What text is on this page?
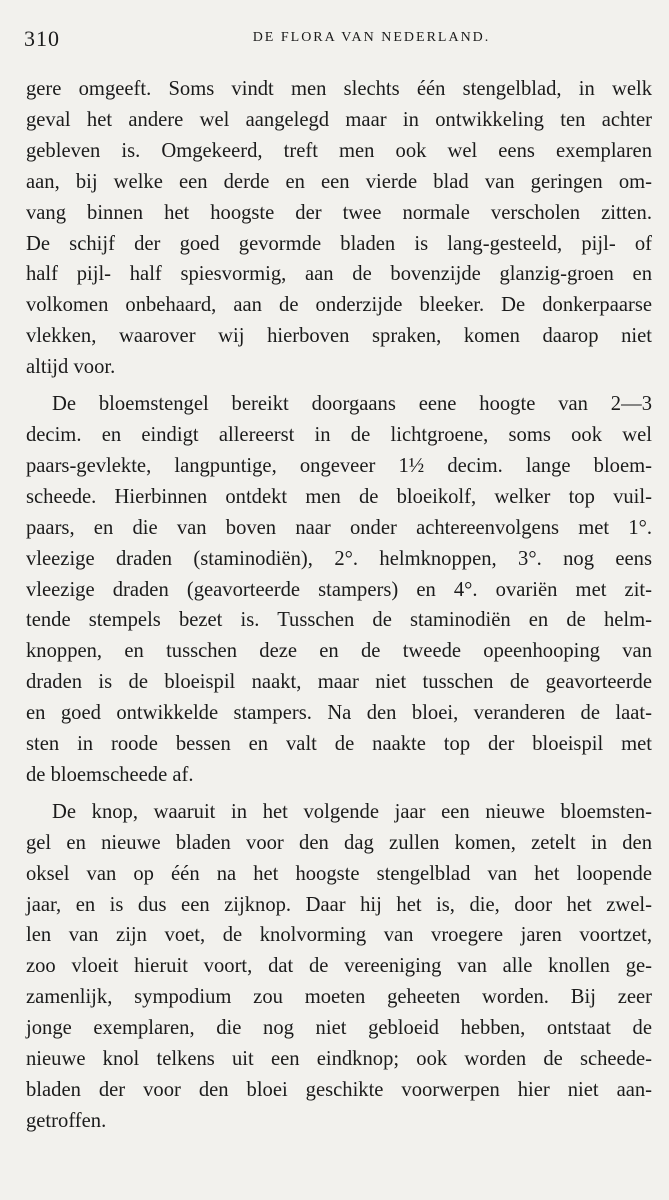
310	DE FLORA VAN NEDERLAND.
gere omgeeft. Soms vindt men slechts één stengelblad, in welk
geval het andere wel aangelegd maar in ontwikkeling ten achter
gebleven is. Omgekeerd, treft men ook wel eens exemplaren
aan, bij welke een derde en een vierde blad van geringen om-
vang binnen het hoogste der twee normale verscholen zitten.
De schijf der goed gevormde bladen is lang-gesteeld, pijl- of
half pijl- half spiesvormig, aan de bovenzijde glanzig-groen en
volkomen onbehaard, aan de onderzijde bleeker. De donkerpaarse
vlekken, waarover wij hierboven spraken, komen daarop niet
altijd voor.
De bloemstengel bereikt doorgaans eene hoogte van 2—3
decim. en eindigt allereerst in de lichtgroene, soms ook wel
paars-gevlekte, langpuntige, ongeveer 1½ decim. lange bloem-
scheede. Hierbinnen ontdekt men de bloeikolf, welker top vuil-
paars, en die van boven naar onder achtereenvolgens met 1°.
vleezige draden (staminodiën), 2°. helmknoppen, 3°. nog eens
vleezige draden (geavorteerde stampers) en 4°. ovariën met zit-
tende stempels bezet is. Tusschen de staminodiën en de helm-
knoppen, en tusschen deze en de tweede opeenhooping van
draden is de bloeispil naakt, maar niet tusschen de geavorteerde
en goed ontwikkelde stampers. Na den bloei, veranderen de laat-
sten in roode bessen en valt de naakte top der bloeispil met
de bloemscheede af.
De knop, waaruit in het volgende jaar een nieuwe bloemsten-
gel en nieuwe bladen voor den dag zullen komen, zetelt in den
oksel van op één na het hoogste stengelblad van het loopende
jaar, en is dus een zijknop. Daar hij het is, die, door het zwel-
len van zijn voet, de knolvorming van vroegere jaren voortzet,
zoo vloeit hieruit voort, dat de vereeniging van alle knollen ge-
zamenlijk, sympodium zou moeten geheeten worden. Bij zeer
jonge exemplaren, die nog niet gebloeid hebben, ontstaat de
nieuwe knol telkens uit een eindknop; ook worden de scheede-
bladen der voor den bloei geschikte voorwerpen hier niet aan-
getroffen.
